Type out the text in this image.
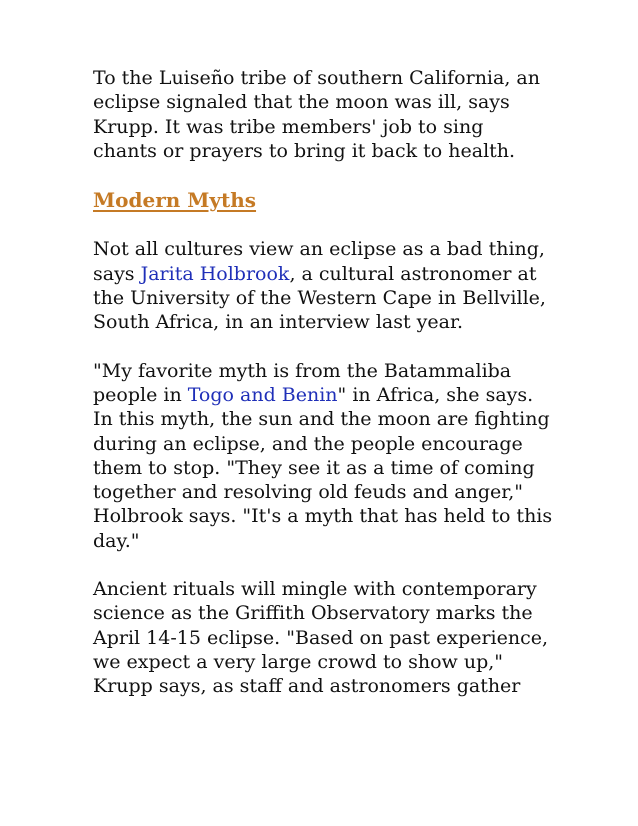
To the Luiseño tribe of southern California, an eclipse signaled that the moon was ill, says Krupp. It was tribe members' job to sing chants or prayers to bring it back to health.

Modern Myths

Not all cultures view an eclipse as a bad thing, says Jarita Holbrook, a cultural astronomer at the University of the Western Cape in Bellville, South Africa, in an interview last year.

"My favorite myth is from the Batammaliba people in Togo and Benin" in Africa, she says. In this myth, the sun and the moon are fighting during an eclipse, and the people encourage them to stop. "They see it as a time of coming together and resolving old feuds and anger," Holbrook says. "It's a myth that has held to this day."

Ancient rituals will mingle with contemporary science as the Griffith Observatory marks the April 14-15 eclipse. "Based on past experience, we expect a very large crowd to show up," Krupp says, as staff and astronomers gather
